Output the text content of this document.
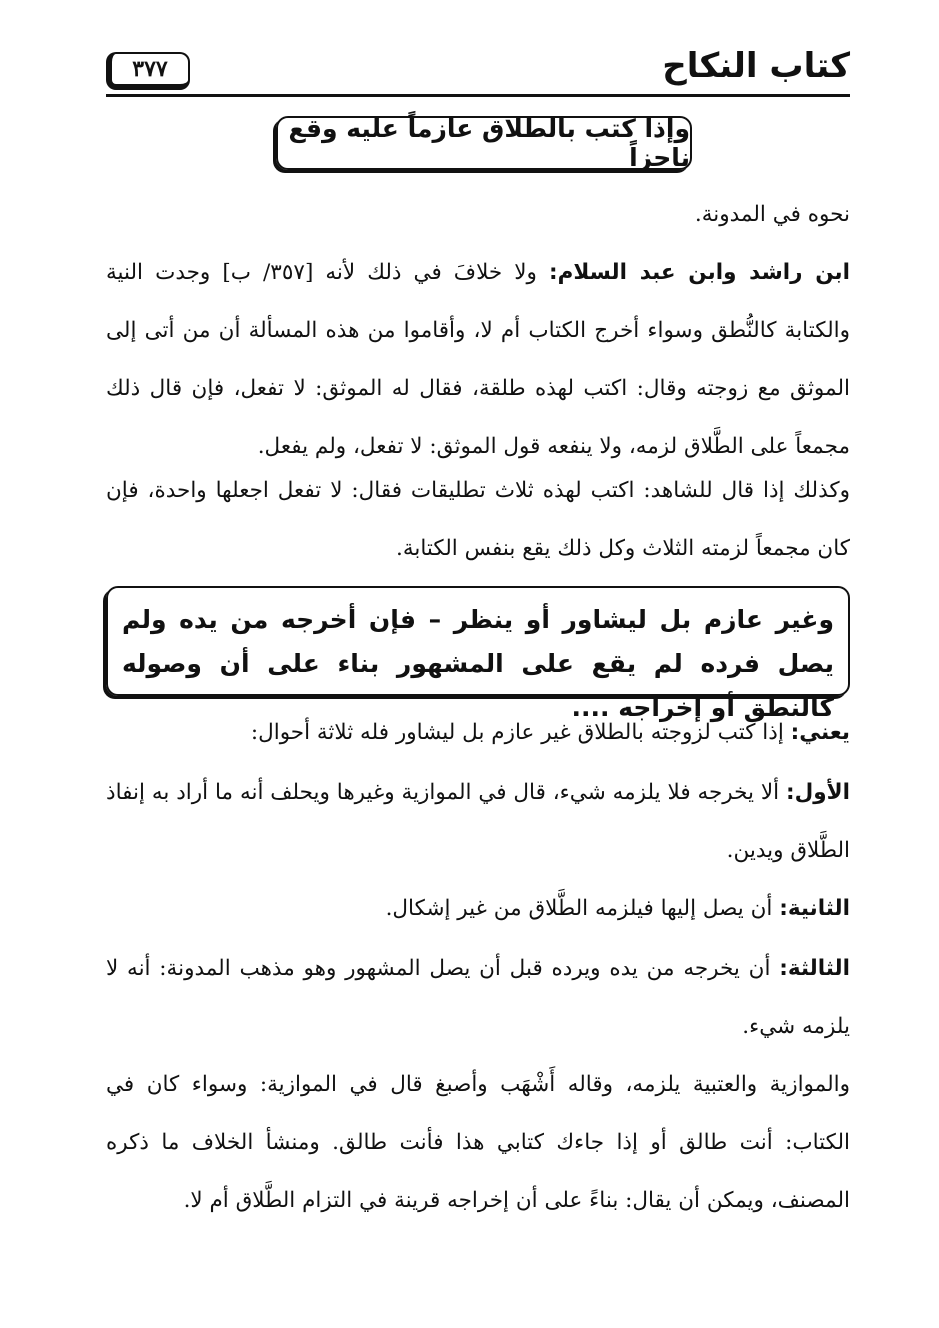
كتاب النكاح
٣٧٧
وإذا كتب بالطلاق عازماً عليه وقع ناجزاً

نحوه في المدونة.

ابن راشد وابن عبد السلام: ولا خلافَ في ذلك لأنه [٣٥٧/ ب] وجدت النية والكتابة كالنُّطق وسواء أخرج الكتاب أم لا، وأقاموا من هذه المسألة أن من أتى إلى الموثق مع زوجته وقال: اكتب لهذه طلقة، فقال له الموثق: لا تفعل، فإن قال ذلك مجمعاً على الطَّلاق لزمه، ولا ينفعه قول الموثق: لا تفعل، ولم يفعل.

وكذلك إذا قال للشاهد: اكتب لهذه ثلاث تطليقات فقال: لا تفعل اجعلها واحدة، فإن كان مجمعاً لزمته الثلاث وكل ذلك يقع بنفس الكتابة.

وغير عازم بل ليشاور أو ينظر – فإن أخرجه من يده ولم يصل فرده لم يقع على المشهور بناء على أن وصوله كالنطق أو إخراجه ....

يعني: إذا كتب لزوجته بالطلاق غير عازم بل ليشاور فله ثلاثة أحوال:

الأول: ألا يخرجه فلا يلزمه شيء، قال في الموازية وغيرها ويحلف أنه ما أراد به إنفاذ الطَّلاق ويدين.

الثانية: أن يصل إليها فيلزمه الطَّلاق من غير إشكال.

الثالثة: أن يخرجه من يده ويرده قبل أن يصل المشهور وهو مذهب المدونة: أنه لا يلزمه شيء.

والموازية والعتبية يلزمه، وقاله أَشْهَب وأصبغ قال في الموازية: وسواء كان في الكتاب: أنت طالق أو إذا جاءك كتابي هذا فأنت طالق. ومنشأ الخلاف ما ذكره المصنف، ويمكن أن يقال: بناءً على أن إخراجه قرينة في التزام الطَّلاق أم لا.
